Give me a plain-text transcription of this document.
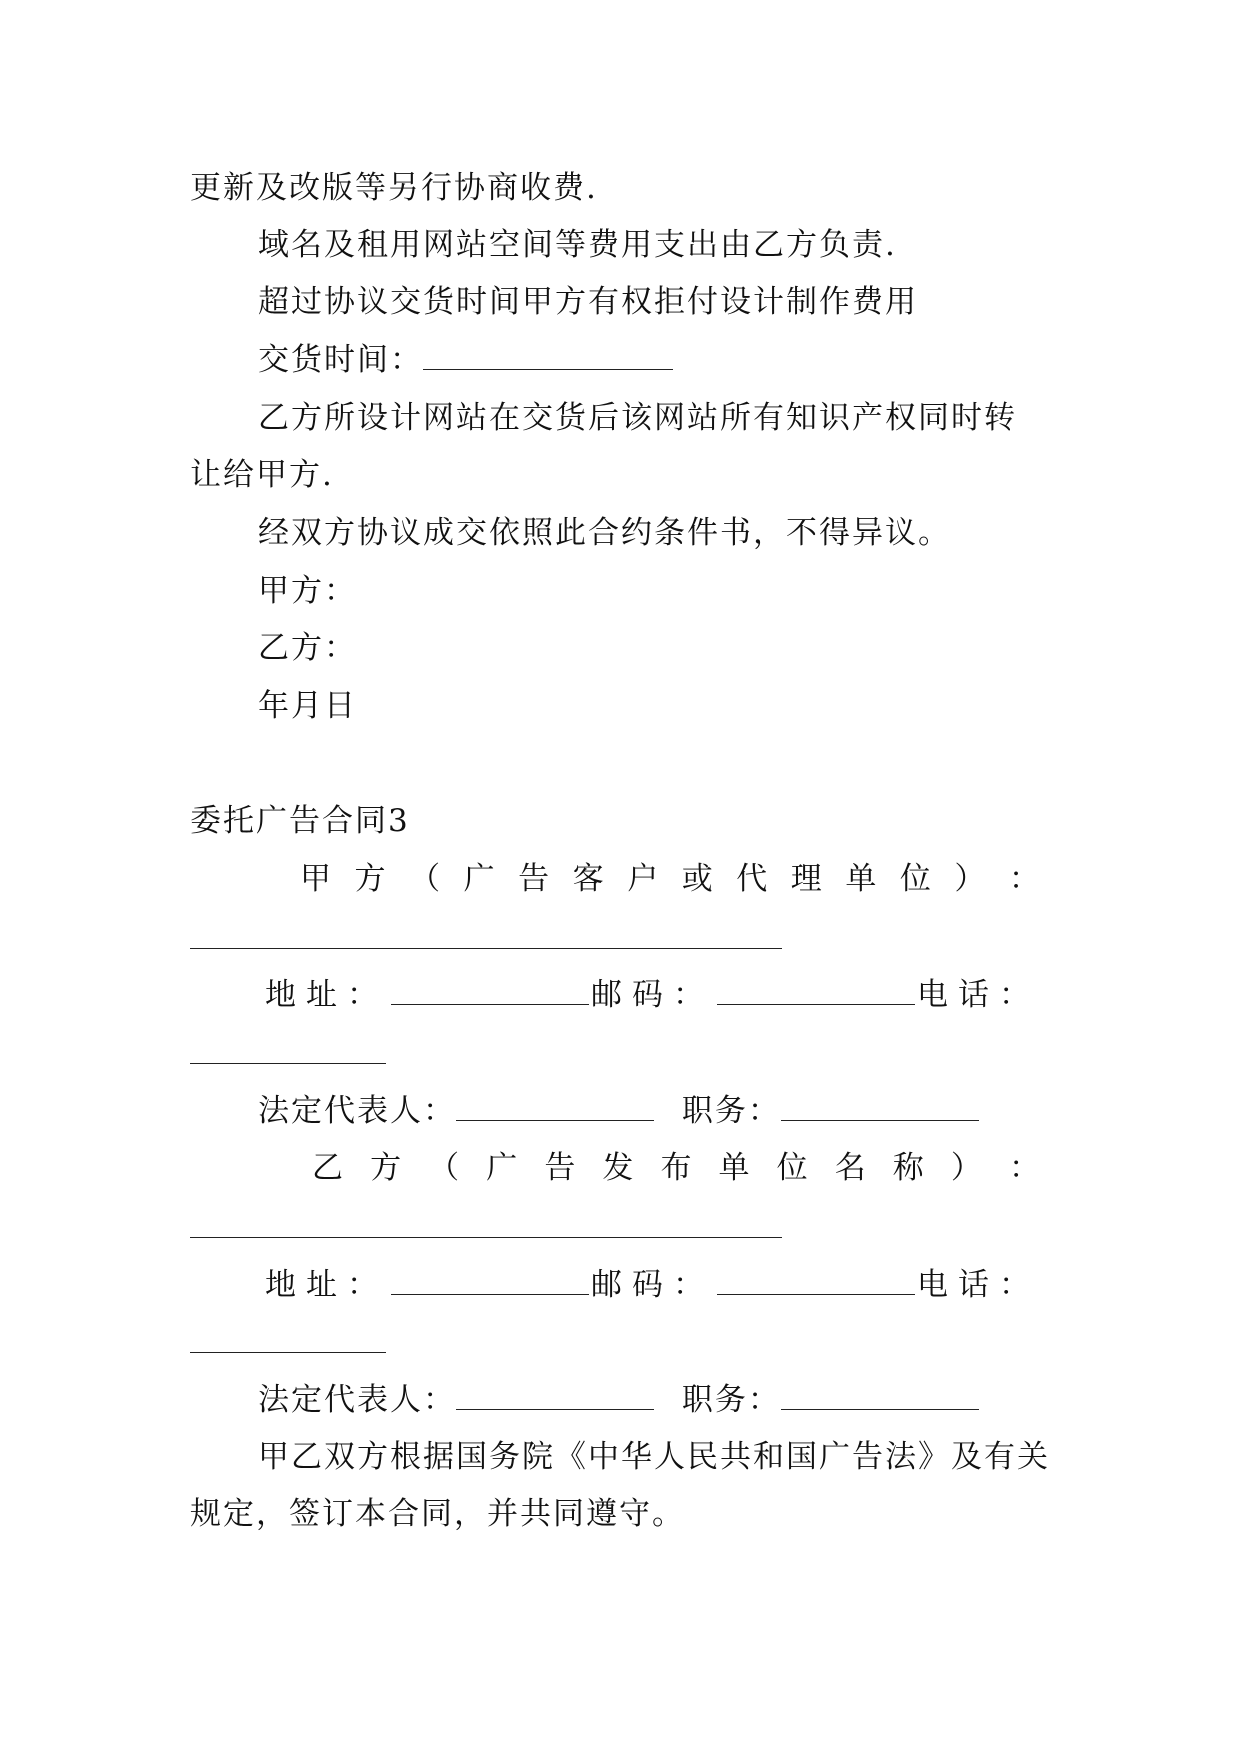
更新及改版等另行协商收费.
域名及租用网站空间等费用支出由乙方负责.
超过协议交货时间甲方有权拒付设计制作费用
交货时间：
乙方所设计网站在交货后该网站所有知识产权同时转
让给甲方.
经双方协议成交依照此合约条件书，不得异议。
甲方：
乙方：
年月日
委托广告合同3
甲 方 （ 广 告 客 户 或 代 理 单 位 ） ：
地址：	邮码：	电话：
法定代表人：	职务：
乙 方 （ 广 告 发 布 单 位 名 称 ） ：
地址：	邮码：	电话：
法定代表人：	职务：
甲乙双方根据国务院《中华人民共和国广告法》及有关
规定，签订本合同，并共同遵守。
